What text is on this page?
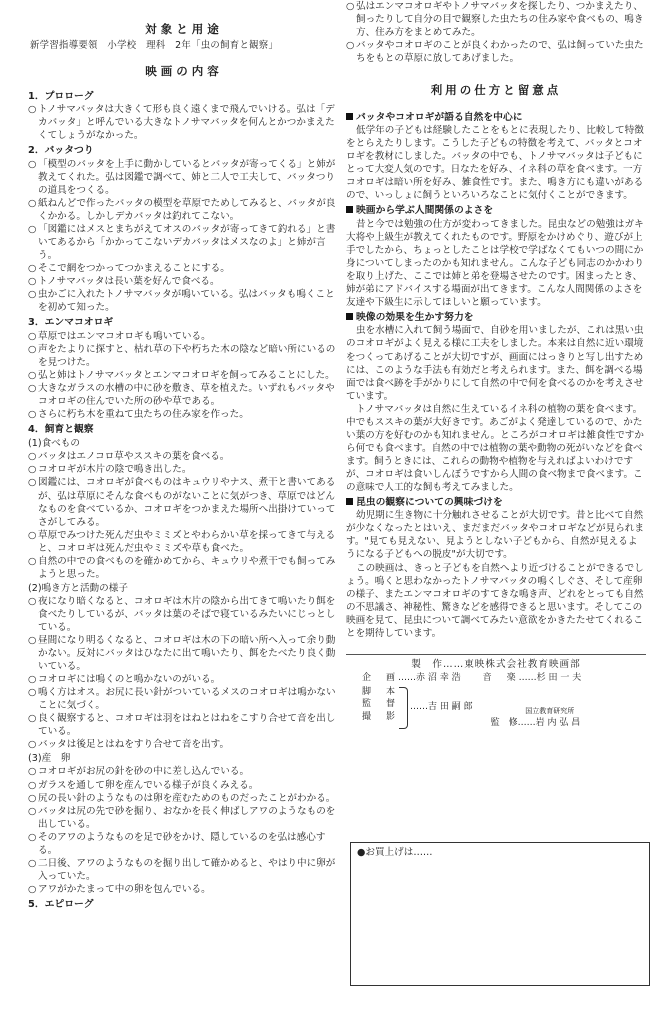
対象と用途
新学習指導要領　小学校　理科　2年「虫の飼育と観察」
映画の内容
1．プロローグ
○ トノサマバッタは大きくて形も良く遠くまで飛んでいける。弘は「デカバッタ」と呼んでいる大きなトノサマバッタを何んとかつかまえたくてしょうがなかった。
2．バッタつり
○ 「模型のバッタを上手に動かしているとバッタが寄ってくる」と姉が教えてくれた。弘は図鑑で調べて、姉と二人で工夫して、バッタつりの道具をつくる。
○ 紙ねんどで作ったバッタの模型を草原でためしてみると、バッタが良くかかる。しかしデカバッタは釣れてこない。
○ 「図鑑にはメスとまちがえてオスのバッタが寄ってきて釣れる」と書いてあるから「かかってこないデカバッタはメスなのよ」と姉が言う。
○ そこで網をつかってつかまえることにする。
○ トノサマバッタは長い葉を好んで食べる。
○ 虫かごに入れたトノサマバッタが鳴いている。弘はバッタも鳴くことを初めて知った。
3．エンマコオロギ
○ 草原ではエンマコオロギも鳴いている。
○ 声をたよりに探すと、枯れ草の下や朽ちた木の陰など暗い所にいるのを見つけた。
○ 弘と姉はトノサマバッタとエンマコオロギを飼ってみることにした。
○ 大きなガラスの水槽の中に砂を敷き、草を植えた。いずれもバッタやコオロギの住んでいた所の砂や草である。
○ さらに朽ち木を重ねて虫たちの住み家を作った。
4．飼育と観察
(1)食べもの
○ バッタはエノコロ草やススキの葉を食べる。
○ コオロギが木片の陰で鳴き出した。
○ 図鑑には、コオロギが食べものはキュウリやナス、煮干と書いてあるが、弘は草原にそんな食べものがないことに気がつき、草原ではどんなものを食べているか、コオロギをつかまえた場所へ出掛けていってさがしてみる。
○ 草原でみつけた死んだ虫やミミズとやわらかい草を採ってきて与えると、コオロギは死んだ虫やミミズや草も食べた。
○ 自然の中での食べものを確かめてから、キュウリや煮干でも飼ってみようと思った。
(2)鳴き方と活動の様子
○ 夜になり暗くなると、コオロギは木片の陰から出てきて鳴いたり餌を食べたりしているが、バッタは葉のそばで寝ているみたいにじっとしている。
○ 昼間になり明るくなると、コオロギは木の下の暗い所へ入って余り動かない。反対にバッタはひなたに出て鳴いたり、餌をたべたり良く動いている。
○ コオロギには鳴くのと鳴かないのがいる。
○ 鳴く方はオス。お尻に長い針がついているメスのコオロギは鳴かないことに気づく。
○ 良く観察すると、コオロギは羽をはねとはねをこすり合せて音を出している。
○ バッタは後足とはねをすり合せて音を出す。
(3)産　卵
○ コオロギがお尻の針を砂の中に差し込んでいる。
○ ガラスを通して卵を産んでいる様子が良くみえる。
○ 尻の長い針のようなものは卵を産むためのものだったことがわかる。
○ バッタは尻の先で砂を掘り、おなかを長く伸ばしアワのようなものを出している。
○ そのアワのようなものを足で砂をかけ、隠しているのを弘は感心する。
○ 二日後、アワのようなものを掘り出して確かめると、やはり中に卵が入っていた。
○ アワがかたまって中の卵を包んでいる。
5．エピローグ
○ 弘はエンマコオロギやトノサマバッタを探したり、つかまえたり、飼ったりして自分の目で観察した虫たちの住み家や食べもの、鳴き方、住み方をまとめてみた。
○ バッタやコオロギのことが良くわかったので、弘は飼っていた虫たちをもとの草原に放してあげました。
利用の仕方と留意点
バッタやコオロギが語る自然を中心に
低学年の子どもは経験したことをもとに表現したり、比較して特徴をとらえたりします。こうした子どもの特徴を考えて、バッタとコオロギを教材にしました。バッタの中でも、トノサマバッタは子どもにとって大変人気のです。日なたを好み、イネ科の草を食べます。一方コオロギは暗い所を好み、雑食性です。また、鳴き方にも違いがあるので、いっしょに飼うといろいろなことに気付くことができます。
映画から学ぶ人間関係のよさを
昔と今では勉強の仕方が変わってきました。昆虫などの勉強はガキ大将や上級生が教えてくれたものです。野原をかけめぐり、遊びが上手でしたから、ちょっとしたことは学校で学ばなくてもいつの間にか身についてしまったのかも知れません。こんな子ども同志のかかわりを取り上げた、ここでは姉と弟を登場させたのです。困まったとき、姉が弟にアドバイスする場面が出てきます。こんな人間関係のよさを友達や下級生に示してほしいと願っています。
映像の効果を生かす努力を
虫を水槽に入れて飼う場面で、自砂を用いましたが、これは黒い虫のコオロギがよく見える様に工夫をしました。本来は自然に近い環境をつくってあげることが大切ですが、画面にはっきりと写し出すためには、このような手法も有効だと考えられます。また、餌を調べる場面では食べ跡を手がかりにして自然の中で何を食べるのかを考えさせています。
トノサマバッタは自然に生えているイネ科の植物の葉を食べます。中でもススキの葉が大好きです。あごがよく発達しているので、かたい葉の方を好むのかも知れません。ところがコオロギは雑食性ですから何でも食べます。自然の中では植物の葉や動物の死がいなどを食べます。飼うときには、これらの動物や植物を与えればよいわけですが、コオロギは食いしんぼうですから人間の食べ物まで食べます。この意味で人工的な飼も考えてみました。
昆虫の観察についての興味づけを
幼児期に生き物に十分触れさせることが大切です。昔と比べて自然が少なくなったとはいえ、まだまだバッタやコオロギなどが見られます。"見ても見えない、見ようとしない子どもから、自然が見えるようになる子どもへの脱皮"が大切です。
この映画は、きっと子どもを自然へより近づけることができるでしょう。鳴くと思わなかったトノサマバッタの鳴くしぐさ、そして産卵の様子、またエンマコオロギのすてきな鳴き声、どれをとっても自然の不思議さ、神秘性、驚きなどを感得できると思います。そしてこの映画を見て、昆虫について調べてみたい意欲をかきたたせてくれることを期待しています。
製　作……東映株式会社教育映画部
企　画……赤 沼 幸 浩 音　楽……杉 田 一 夫
脚　本
監　督
撮　影
……吉 田 嗣 郎	国立教育研究所
監　修……岩 内 弘 昌
●お買上げは……
